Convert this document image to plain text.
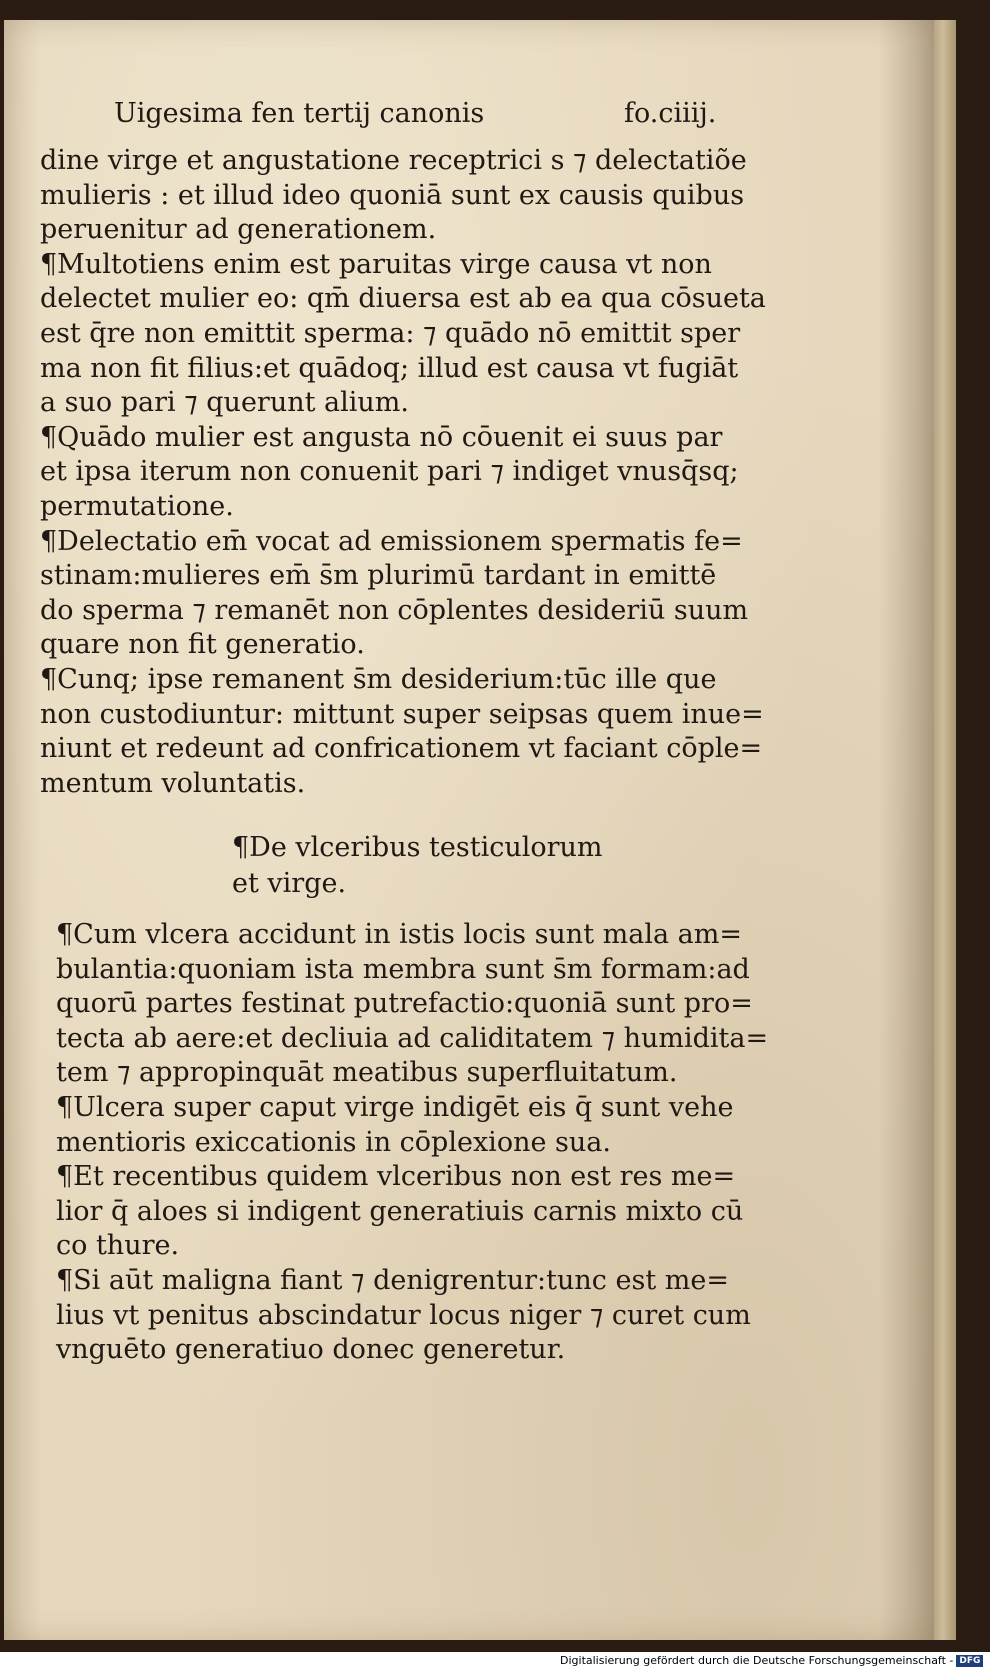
Uigesima fen tertij canonis	fo.ciiij.
dine virge et angustatione receptrici s ⁊ delectatiõe
mulieris : et illud ideo quoniā sunt ex causis quibus
peruenitur ad generationem.
¶Multotiens enim est paruitas virge causa vt non
delectet mulier eo: qm̄ diuersa est ab ea qua cōsueta
est q̄re non emittit sperma: ⁊ quādo nō emittit sper
ma non fit filius:et quādoq; illud est causa vt fugiāt
a suo pari ⁊ querunt alium.
¶Quādo mulier est angusta nō cōuenit ei suus par
et ipsa iterum non conuenit pari ⁊ indiget vnusq̄sq;
permutatione.
¶Delectatio em̄ vocat ad emissionem spermatis fe=
stinam:mulieres em̄ s̄m plurimū tardant in emittē
do sperma ⁊ remanēt non cōplentes desideriū suum
quare non fit generatio.
¶Cunq; ipse remanent s̄m desiderium:tūc ille que
non custodiuntur: mittunt super seipsas quem inue=
niunt et redeunt ad confricationem vt faciant cōple=
mentum voluntatis.
¶De vlceribus testiculorum
et virge.
¶Cum vlcera accidunt in istis locis sunt mala am=
bulantia:quoniam ista membra sunt s̄m formam:ad
quorū partes festinat putrefactio:quoniā sunt pro=
tecta ab aere:et decliuia ad caliditatem ⁊ humidita=
tem ⁊ appropinquāt meatibus superfluitatum.
¶Ulcera super caput virge indigēt eis q̄ sunt vehe
mentioris exiccationis in cōplexione sua.
¶Et recentibus quidem vlceribus non est res me=
lior q̄ aloes si indigent generatiuis carnis mixto cū
co thure.
¶Si aūt maligna fiant ⁊ denigrentur:tunc est me=
lius vt penitus abscindatur locus niger ⁊ curet cum
vnguēto generatiuo donec generetur.
Digitalisierung gefördert durch die Deutsche Forschungsgemeinschaft - DFG
